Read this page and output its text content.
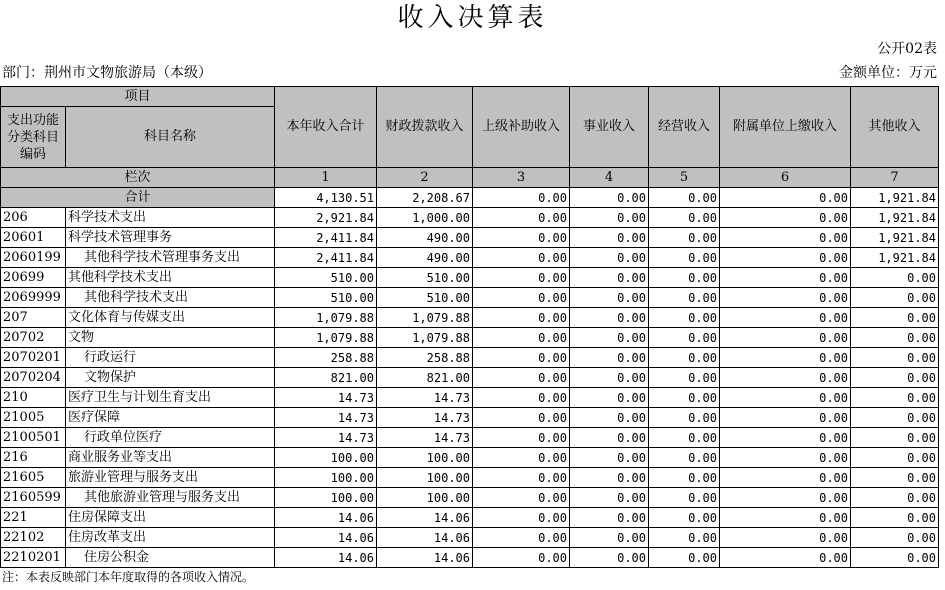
收入决算表
公开02表
部门：荆州市文物旅游局（本级）	金额单位：万元
项目		本年收入合计	财政拨款收入	上级补助收入	事业收入	经营收入	附属单位上缴收入	其他收入
支出功能分类科目编码	科目名称							
栏次		1	2	3	4	5	6	7
合计		4,130.51	2,208.67	0.00	0.00	0.00	0.00	1,921.84
206	科学技术支出	2,921.84	1,000.00	0.00	0.00	0.00	0.00	1,921.84
20601	科学技术管理事务	2,411.84	490.00	0.00	0.00	0.00	0.00	1,921.84
2060199	其他科学技术管理事务支出	2,411.84	490.00	0.00	0.00	0.00	0.00	1,921.84
20699	其他科学技术支出	510.00	510.00	0.00	0.00	0.00	0.00	0.00
2069999	其他科学技术支出	510.00	510.00	0.00	0.00	0.00	0.00	0.00
207	文化体育与传媒支出	1,079.88	1,079.88	0.00	0.00	0.00	0.00	0.00
20702	文物	1,079.88	1,079.88	0.00	0.00	0.00	0.00	0.00
2070201	行政运行	258.88	258.88	0.00	0.00	0.00	0.00	0.00
2070204	文物保护	821.00	821.00	0.00	0.00	0.00	0.00	0.00
210	医疗卫生与计划生育支出	14.73	14.73	0.00	0.00	0.00	0.00	0.00
21005	医疗保障	14.73	14.73	0.00	0.00	0.00	0.00	0.00
2100501	行政单位医疗	14.73	14.73	0.00	0.00	0.00	0.00	0.00
216	商业服务业等支出	100.00	100.00	0.00	0.00	0.00	0.00	0.00
21605	旅游业管理与服务支出	100.00	100.00	0.00	0.00	0.00	0.00	0.00
2160599	其他旅游业管理与服务支出	100.00	100.00	0.00	0.00	0.00	0.00	0.00
221	住房保障支出	14.06	14.06	0.00	0.00	0.00	0.00	0.00
22102	住房改革支出	14.06	14.06	0.00	0.00	0.00	0.00	0.00
2210201	住房公积金	14.06	14.06	0.00	0.00	0.00	0.00	0.00
注：本表反映部门本年度取得的各项收入情况。
